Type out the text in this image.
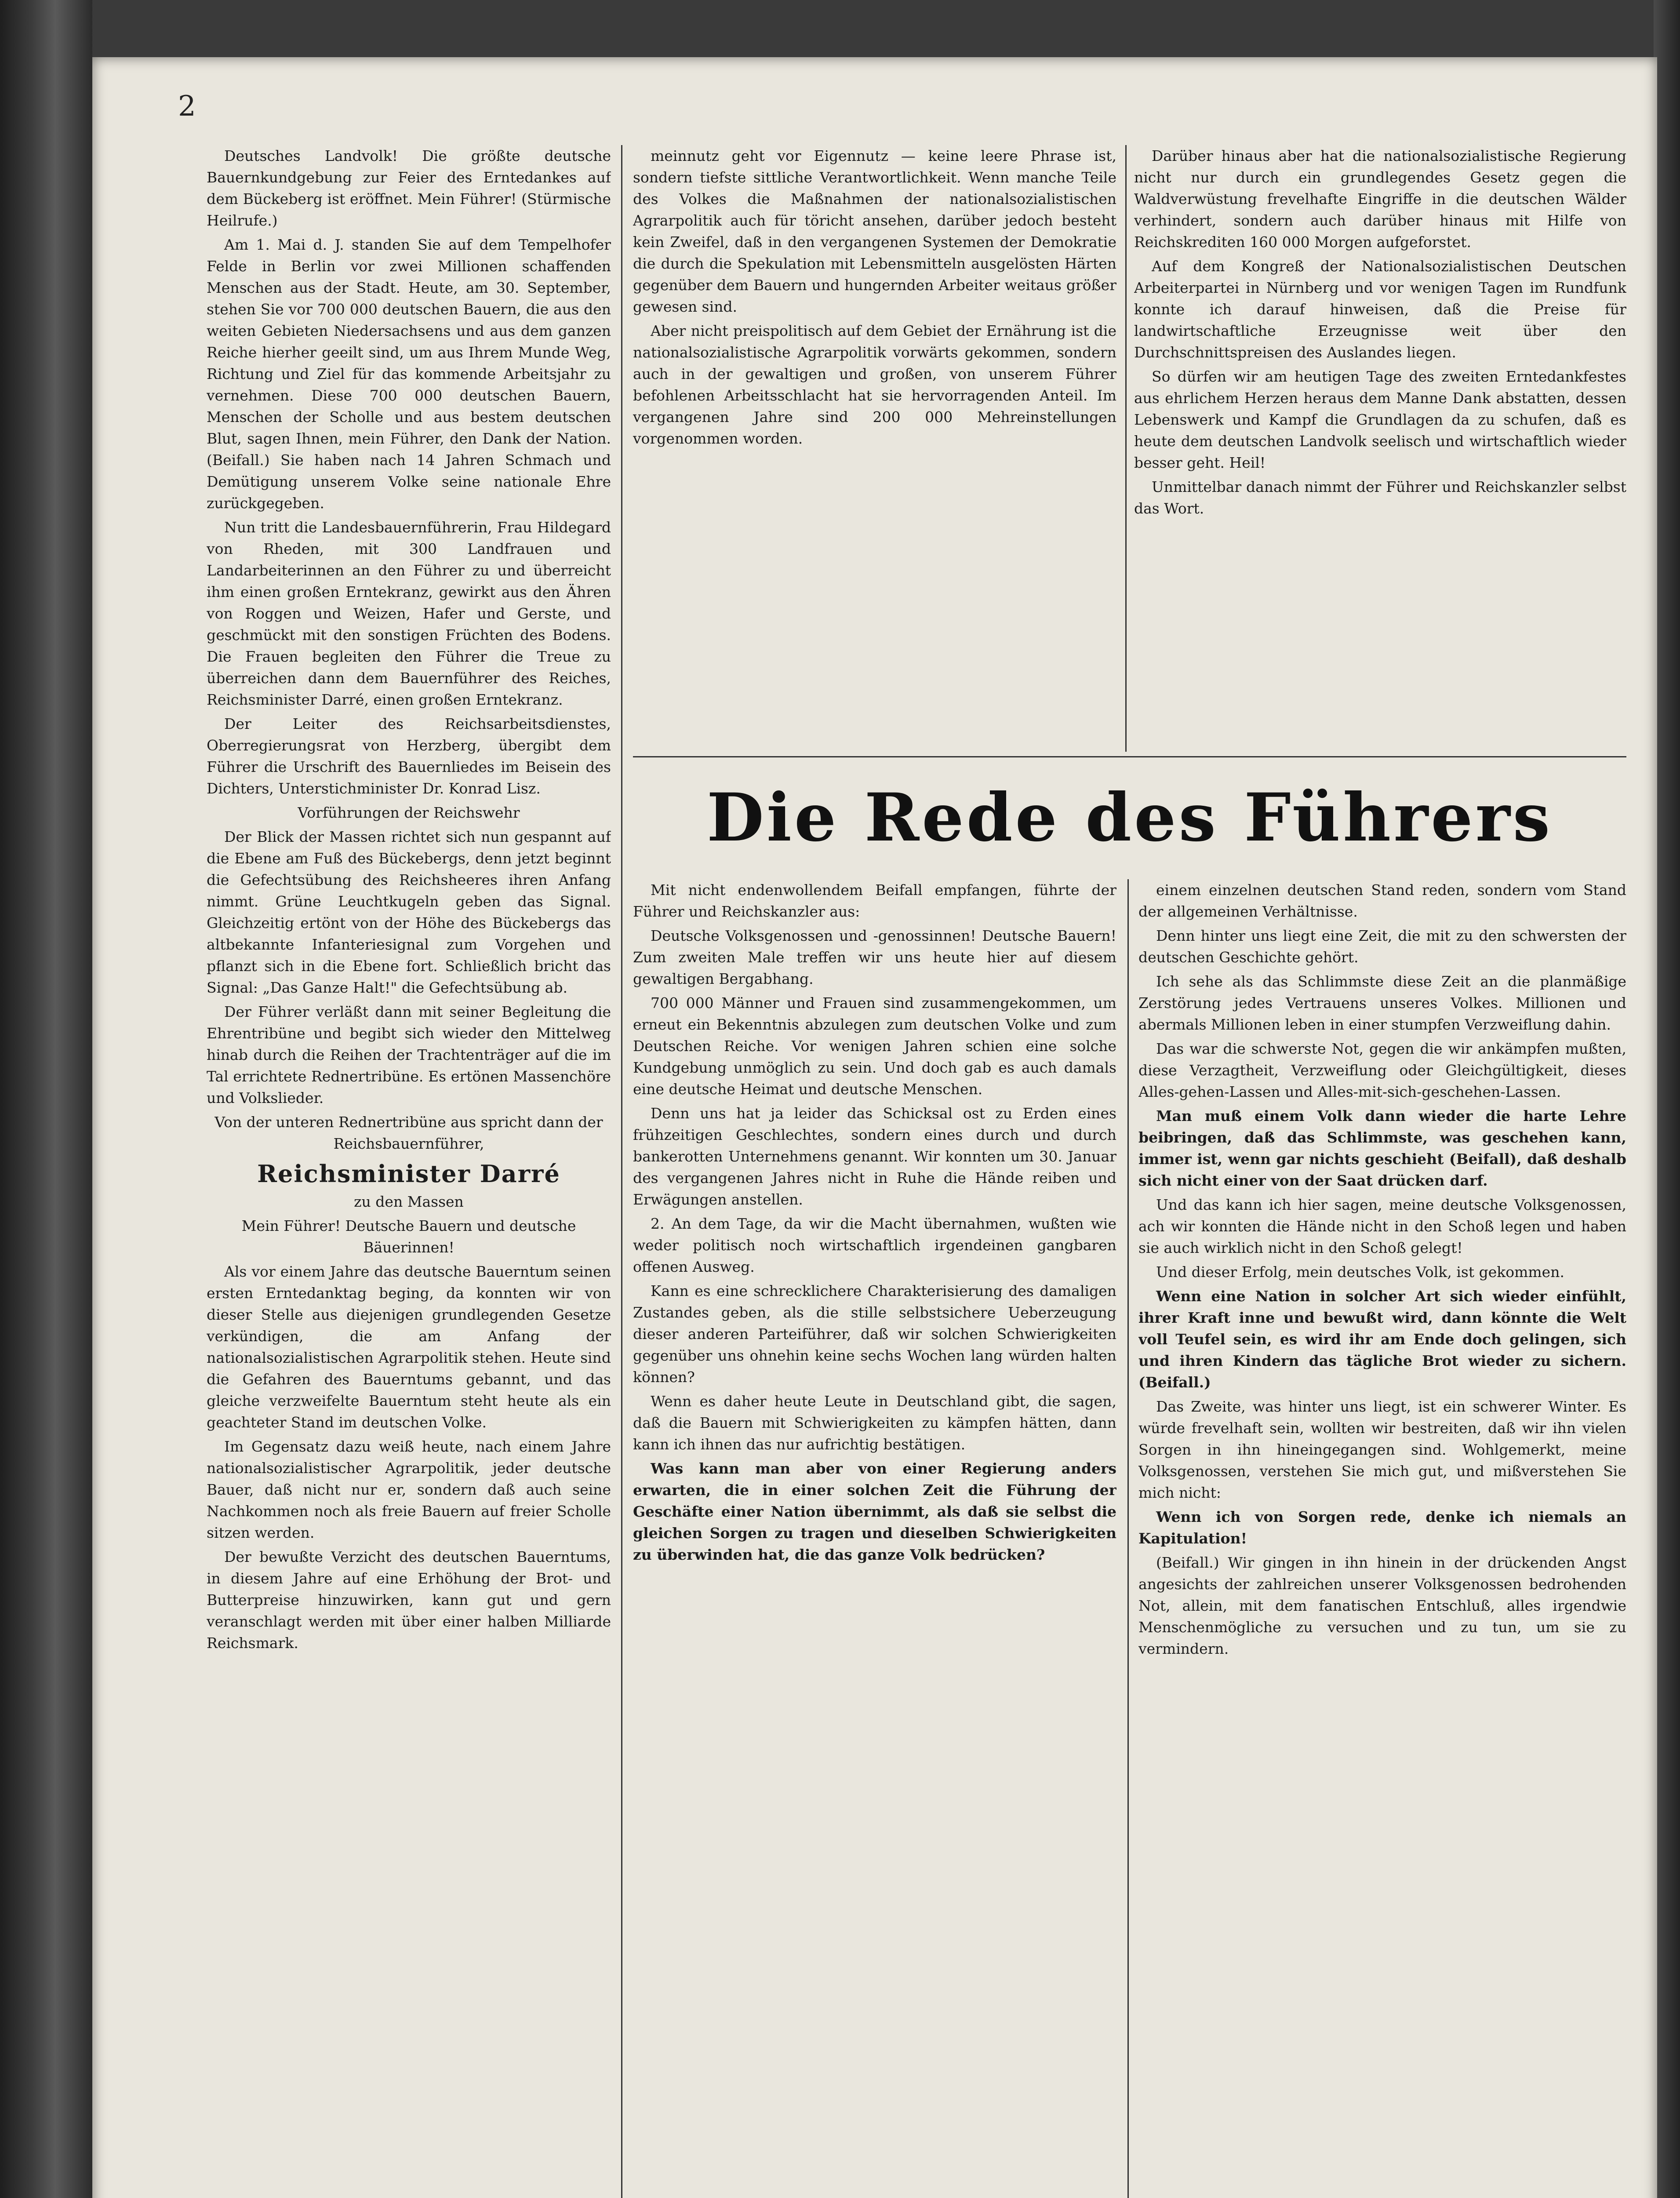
2

Deutsches Landvolk! Die größte deutsche Bauernkundgebung zur Feier des Erntedankes auf dem Bückeberg ist eröffnet. Mein Führer! (Stürmische Heilrufe.)

Am 1. Mai d. J. standen Sie auf dem Tempelhofer Felde in Berlin vor zwei Millionen schaffenden Menschen aus der Stadt. Heute, am 30. September, stehen Sie vor 700 000 deutschen Bauern, die aus den weiten Gebieten Niedersachsens und aus dem ganzen Reiche hierher geeilt sind, um aus Ihrem Munde Weg, Richtung und Ziel für das kommende Arbeitsjahr zu vernehmen. Diese 700 000 deutschen Bauern, Menschen der Scholle und aus bestem deutschen Blut, sagen Ihnen, mein Führer, den Dank der Nation. (Beifall.) Sie haben nach 14 Jahren Schmach und Demütigung unserem Volke seine nationale Ehre zurückgegeben.

Nun tritt die Landesbauernführerin, Frau Hildegard von Rheden, mit 300 Landfrauen und Landarbeiterinnen an den Führer zu und überreicht ihm einen großen Erntekranz, gewirkt aus den Ähren von Roggen und Weizen, Hafer und Gerste, und geschmückt mit den sonstigen Früchten des Bodens. Die Frauen begleiten den Führer die Treue zu überreichen dann dem Bauernführer des Reiches, Reichsminister Darré, einen großen Erntekranz.

Der Leiter des Reichsarbeitsdienstes, Oberregierungsrat von Herzberg, übergibt dem Führer die Urschrift des Bauernliedes im Beisein des Dichters, Unterstichminister Dr. Konrad Lisz.

Vorführungen der Reichswehr

Der Blick der Massen richtet sich nun gespannt auf die Ebene am Fuß des Bückebergs, denn jetzt beginnt die Gefechtsübung des Reichsheeres ihren Anfang nimmt. Grüne Leuchtkugeln geben das Signal. Gleichzeitig ertönt von der Höhe des Bückebergs das altbekannte Infanteriesignal zum Vorgehen und pflanzt sich in die Ebene fort. Schließlich bricht das Signal: „Das Ganze Halt!" die Gefechtsübung ab.

Der Führer verläßt dann mit seiner Begleitung die Ehrentribüne und begibt sich wieder den Mittelweg hinab durch die Reihen der Trachtenträger auf die im Tal errichtete Rednertribüne. Es ertönen Massenchöre und Volkslieder.

Von der unteren Rednertribüne aus spricht dann der Reichsbauernführer,

Reichsminister Darré

zu den Massen

Mein Führer! Deutsche Bauern und deutsche Bäuerinnen!

Als vor einem Jahre das deutsche Bauerntum seinen ersten Erntedanktag beging, da konnten wir von dieser Stelle aus diejenigen grundlegenden Gesetze verkündigen, die am Anfang der nationalsozialistischen Agrarpolitik stehen. Heute sind die Gefahren des Bauerntums gebannt, und das gleiche verzweifelte Bauerntum steht heute als ein geachteter Stand im deutschen Volke.

Im Gegensatz dazu weiß heute, nach einem Jahre nationalsozialistischer Agrarpolitik, jeder deutsche Bauer, daß nicht nur er, sondern daß auch seine Nachkommen noch als freie Bauern auf freier Scholle sitzen werden.

Der bewußte Verzicht des deutschen Bauerntums, in diesem Jahre auf eine Erhöhung der Brot- und Butterpreise hinzuwirken, kann gut und gern veranschlagt werden mit über einer halben Milliarde Reichsmark.

meinnutz geht vor Eigennutz — keine leere Phrase ist, sondern tiefste sittliche Verantwortlichkeit. Wenn manche Teile des Volkes die Maßnahmen der nationalsozialistischen Agrarpolitik auch für töricht ansehen, darüber jedoch besteht kein Zweifel, daß in den vergangenen Systemen der Demokratie die durch die Spekulation mit Lebensmitteln ausgelösten Härten gegenüber dem Bauern und hungernden Arbeiter weitaus größer gewesen sind.

Aber nicht preispolitisch auf dem Gebiet der Ernährung ist die nationalsozialistische Agrarpolitik vorwärts gekommen, sondern auch in der gewaltigen und großen, von unserem Führer befohlenen Arbeitsschlacht hat sie hervorragenden Anteil. Im vergangenen Jahre sind 200 000 Mehreinstellungen vorgenommen worden.

Darüber hinaus aber hat die nationalsozialistische Regierung nicht nur durch ein grundlegendes Gesetz gegen die Waldverwüstung frevelhafte Eingriffe in die deutschen Wälder verhindert, sondern auch darüber hinaus mit Hilfe von Reichskrediten 160 000 Morgen aufgeforstet.

Auf dem Kongreß der Nationalsozialistischen Deutschen Arbeiterpartei in Nürnberg und vor wenigen Tagen im Rundfunk konnte ich darauf hinweisen, daß die Preise für landwirtschaftliche Erzeugnisse weit über den Durchschnittspreisen des Auslandes liegen.

So dürfen wir am heutigen Tage des zweiten Erntedankfestes aus ehrlichem Herzen heraus dem Manne Dank abstatten, dessen Lebenswerk und Kampf die Grundlagen da zu schufen, daß es heute dem deutschen Landvolk seelisch und wirtschaftlich wieder besser geht. Heil!

Unmittelbar danach nimmt der Führer und Reichskanzler selbst das Wort.

Die Rede des Führers

Mit nicht endenwollendem Beifall empfangen, führte der Führer und Reichskanzler aus:

Deutsche Volksgenossen und -genossinnen! Deutsche Bauern! Zum zweiten Male treffen wir uns heute hier auf diesem gewaltigen Bergabhang.

700 000 Männer und Frauen sind zusammengekommen, um erneut ein Bekenntnis abzulegen zum deutschen Volke und zum Deutschen Reiche. Vor wenigen Jahren schien eine solche Kundgebung unmöglich zu sein. Und doch gab es auch damals eine deutsche Heimat und deutsche Menschen.

Denn uns hat ja leider das Schicksal ost zu Erden eines frühzeitigen Geschlechtes, sondern eines durch und durch bankerotten Unternehmens genannt. Wir konnten um 30. Januar des vergangenen Jahres nicht in Ruhe die Hände reiben und Erwägungen anstellen.

2. An dem Tage, da wir die Macht übernahmen, wußten wie weder politisch noch wirtschaftlich irgendeinen gangbaren offenen Ausweg.

Kann es eine schrecklichere Charakterisierung des damaligen Zustandes geben, als die stille selbstsichere Ueberzeugung dieser anderen Parteiführer, daß wir solchen Schwierigkeiten gegenüber uns ohnehin keine sechs Wochen lang würden halten können?

Wenn es daher heute Leute in Deutschland gibt, die sagen, daß die Bauern mit Schwierigkeiten zu kämpfen hätten, dann kann ich ihnen das nur aufrichtig bestätigen.

Was kann man aber von einer Regierung anders erwarten, die in einer solchen Zeit die Führung der Geschäfte einer Nation übernimmt, als daß sie selbst die gleichen Sorgen zu tragen und dieselben Schwierigkeiten zu überwinden hat, die das ganze Volk bedrücken?

einem einzelnen deutschen Stand reden, sondern vom Stand der allgemeinen Verhältnisse.

Denn hinter uns liegt eine Zeit, die mit zu den schwersten der deutschen Geschichte gehört.

Ich sehe als das Schlimmste diese Zeit an die planmäßige Zerstörung jedes Vertrauens unseres Volkes. Millionen und abermals Millionen leben in einer stumpfen Verzweiflung dahin.

Das war die schwerste Not, gegen die wir ankämpfen mußten, diese Verzagtheit, Verzweiflung oder Gleichgültigkeit, dieses Alles-gehen-Lassen und Alles-mit-sich-geschehen-Lassen.

Man muß einem Volk dann wieder die harte Lehre beibringen, daß das Schlimmste, was geschehen kann, immer ist, wenn gar nichts geschieht (Beifall), daß deshalb sich nicht einer von der Saat drücken darf.

Und das kann ich hier sagen, meine deutsche Volksgenossen, ach wir konnten die Hände nicht in den Schoß legen und haben sie auch wirklich nicht in den Schoß gelegt!

Und dieser Erfolg, mein deutsches Volk, ist gekommen.

Wenn eine Nation in solcher Art sich wieder einfühlt, ihrer Kraft inne und bewußt wird, dann könnte die Welt voll Teufel sein, es wird ihr am Ende doch gelingen, sich und ihren Kindern das tägliche Brot wieder zu sichern. (Beifall.)

Das Zweite, was hinter uns liegt, ist ein schwerer Winter. Es würde frevelhaft sein, wollten wir bestreiten, daß wir ihn vielen Sorgen in ihn hineingegangen sind. Wohlgemerkt, meine Volksgenossen, verstehen Sie mich gut, und mißverstehen Sie mich nicht:

Wenn ich von Sorgen rede, denke ich niemals an Kapitulation!

(Beifall.) Wir gingen in ihn hinein in der drückenden Angst angesichts der zahlreichen unserer Volksgenossen bedrohenden Not, allein, mit dem fanatischen Entschluß, alles irgendwie Menschenmögliche zu versuchen und zu tun, um sie zu vermindern.
